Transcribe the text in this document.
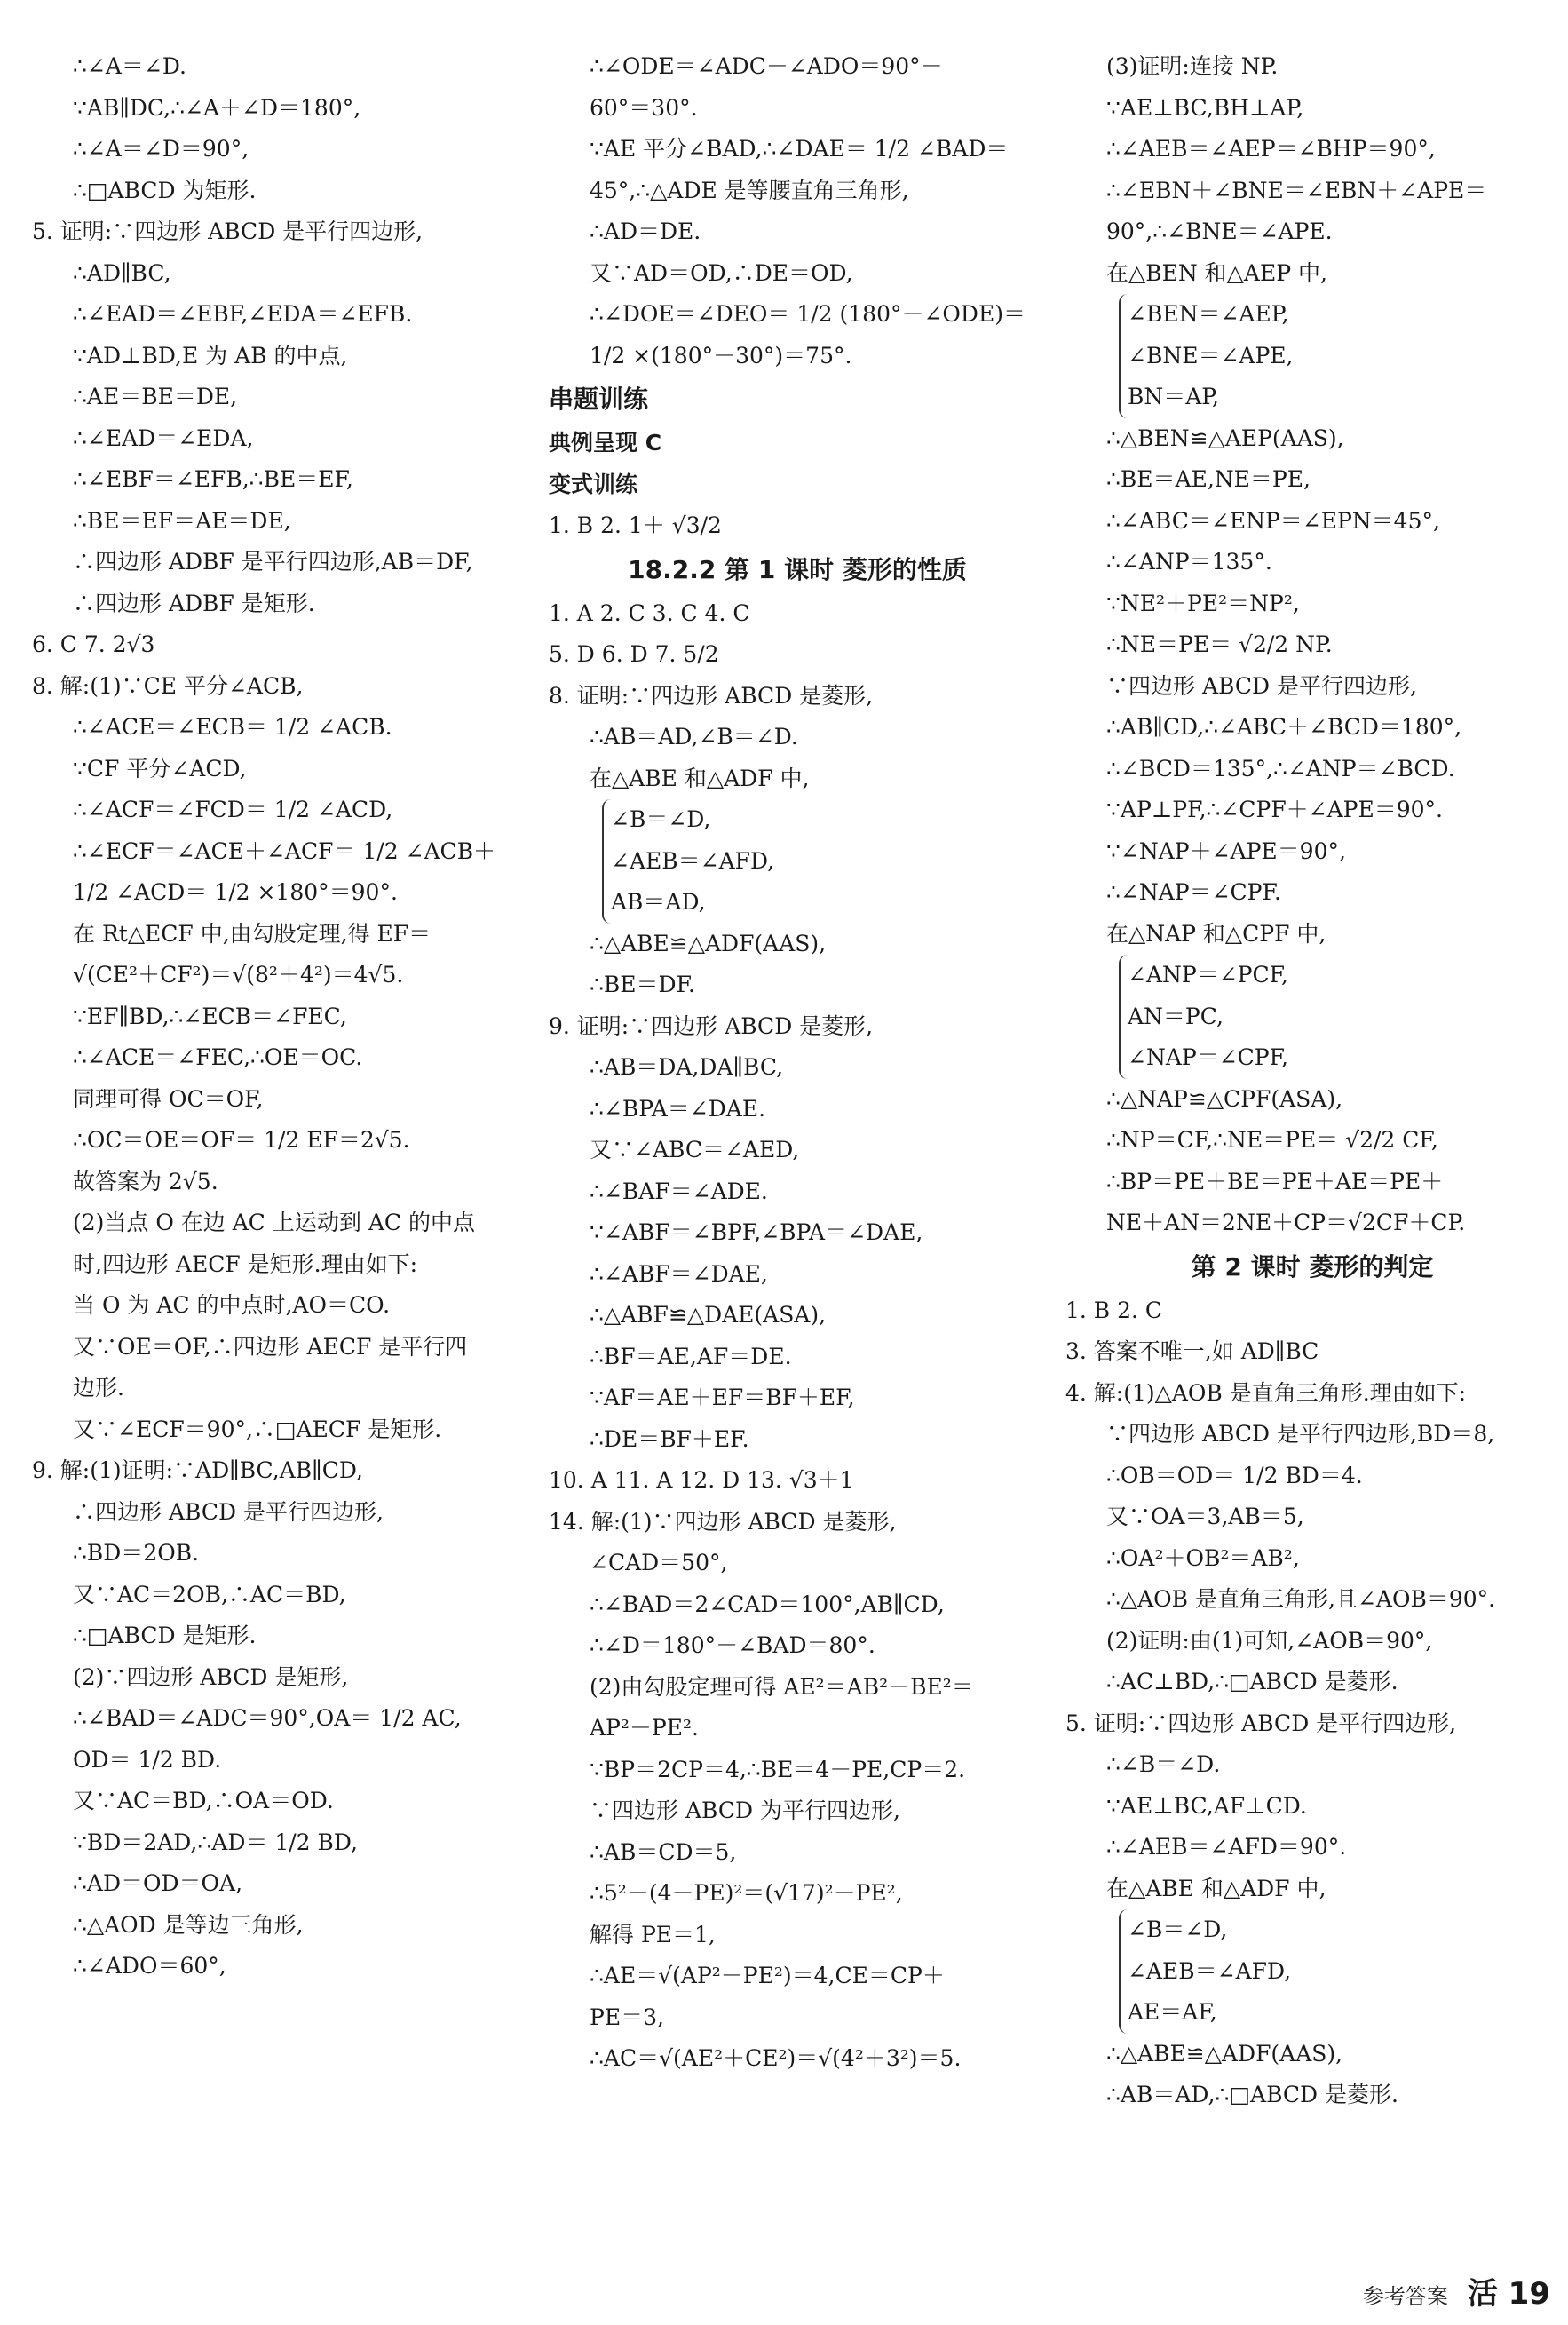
∴∠A＝∠D.
∵AB∥DC,∴∠A＋∠D＝180°,
∴∠A＝∠D＝90°,
∴□ABCD 为矩形.
5. 证明:∵四边形 ABCD 是平行四边形,
∴AD∥BC,
∴∠EAD＝∠EBF,∠EDA＝∠EFB.
∵AD⊥BD,E 为 AB 的中点,
∴AE＝BE＝DE,
∴∠EAD＝∠EDA,
∴∠EBF＝∠EFB,∴BE＝EF,
∴BE＝EF＝AE＝DE,
∴四边形 ADBF 是平行四边形,AB＝DF,
∴四边形 ADBF 是矩形.
6. C 7. 2√3
8. 解:(1)∵CE 平分∠ACB,
∴∠ACE＝∠ECB＝ 1/2 ∠ACB.
∵CF 平分∠ACD,
∴∠ACF＝∠FCD＝ 1/2 ∠ACD,
∴∠ECF＝∠ACE＋∠ACF＝ 1/2 ∠ACB＋
1/2 ∠ACD＝ 1/2 ×180°＝90°.
在 Rt△ECF 中,由勾股定理,得 EF＝
√(CE²＋CF²)＝√(8²＋4²)＝4√5.
∵EF∥BD,∴∠ECB＝∠FEC,
∴∠ACE＝∠FEC,∴OE＝OC.
同理可得 OC＝OF,
∴OC＝OE＝OF＝ 1/2 EF＝2√5.
故答案为 2√5.
(2)当点 O 在边 AC 上运动到 AC 的中点
时,四边形 AECF 是矩形.理由如下:
当 O 为 AC 的中点时,AO＝CO.
又∵OE＝OF,∴四边形 AECF 是平行四
边形.
又∵∠ECF＝90°,∴□AECF 是矩形.
9. 解:(1)证明:∵AD∥BC,AB∥CD,
∴四边形 ABCD 是平行四边形,
∴BD＝2OB.
又∵AC＝2OB,∴AC＝BD,
∴□ABCD 是矩形.
(2)∵四边形 ABCD 是矩形,
∴∠BAD＝∠ADC＝90°,OA＝ 1/2 AC,
OD＝ 1/2 BD.
又∵AC＝BD,∴OA＝OD.
∵BD＝2AD,∴AD＝ 1/2 BD,
∴AD＝OD＝OA,
∴△AOD 是等边三角形,
∴∠ADO＝60°,
∴∠ODE＝∠ADC－∠ADO＝90°－
60°＝30°.
∵AE 平分∠BAD,∴∠DAE＝ 1/2 ∠BAD＝
45°,∴△ADE 是等腰直角三角形,
∴AD＝DE.
又∵AD＝OD,∴DE＝OD,
∴∠DOE＝∠DEO＝ 1/2 (180°－∠ODE)＝
1/2 ×(180°－30°)＝75°.
串题训练
典例呈现 C
变式训练
1. B 2. 1＋ √3/2
18.2.2 第 1 课时 菱形的性质
1. A 2. C 3. C 4. C
5. D 6. D 7. 5/2
8. 证明:∵四边形 ABCD 是菱形,
∴AB＝AD,∠B＝∠D.
在△ABE 和△ADF 中,
∠B＝∠D,
∠AEB＝∠AFD,
AB＝AD,
∴△ABE≌△ADF(AAS),
∴BE＝DF.
9. 证明:∵四边形 ABCD 是菱形,
∴AB＝DA,DA∥BC,
∴∠BPA＝∠DAE.
又∵∠ABC＝∠AED,
∴∠BAF＝∠ADE.
∵∠ABF＝∠BPF,∠BPA＝∠DAE,
∴∠ABF＝∠DAE,
∴△ABF≌△DAE(ASA),
∴BF＝AE,AF＝DE.
∵AF＝AE＋EF＝BF＋EF,
∴DE＝BF＋EF.
10. A 11. A 12. D 13. √3＋1
14. 解:(1)∵四边形 ABCD 是菱形,
∠CAD＝50°,
∴∠BAD＝2∠CAD＝100°,AB∥CD,
∴∠D＝180°－∠BAD＝80°.
(2)由勾股定理可得 AE²＝AB²－BE²＝
AP²－PE².
∵BP＝2CP＝4,∴BE＝4－PE,CP＝2.
∵四边形 ABCD 为平行四边形,
∴AB＝CD＝5,
∴5²－(4－PE)²＝(√17)²－PE²,
解得 PE＝1,
∴AE＝√(AP²－PE²)＝4,CE＝CP＋
PE＝3,
∴AC＝√(AE²＋CE²)＝√(4²＋3²)＝5.
(3)证明:连接 NP.
∵AE⊥BC,BH⊥AP,
∴∠AEB＝∠AEP＝∠BHP＝90°,
∴∠EBN＋∠BNE＝∠EBN＋∠APE＝
90°,∴∠BNE＝∠APE.
在△BEN 和△AEP 中,
∠BEN＝∠AEP,
∠BNE＝∠APE,
BN＝AP,
∴△BEN≌△AEP(AAS),
∴BE＝AE,NE＝PE,
∴∠ABC＝∠ENP＝∠EPN＝45°,
∴∠ANP＝135°.
∵NE²＋PE²＝NP²,
∴NE＝PE＝ √2/2 NP.
∵四边形 ABCD 是平行四边形,
∴AB∥CD,∴∠ABC＋∠BCD＝180°,
∴∠BCD＝135°,∴∠ANP＝∠BCD.
∵AP⊥PF,∴∠CPF＋∠APE＝90°.
∵∠NAP＋∠APE＝90°,
∴∠NAP＝∠CPF.
在△NAP 和△CPF 中,
∠ANP＝∠PCF,
AN＝PC,
∠NAP＝∠CPF,
∴△NAP≌△CPF(ASA),
∴NP＝CF,∴NE＝PE＝ √2/2 CF,
∴BP＝PE＋BE＝PE＋AE＝PE＋
NE＋AN＝2NE＋CP＝√2CF＋CP.
第 2 课时 菱形的判定
1. B 2. C
3. 答案不唯一,如 AD∥BC
4. 解:(1)△AOB 是直角三角形.理由如下:
∵四边形 ABCD 是平行四边形,BD＝8,
∴OB＝OD＝ 1/2 BD＝4.
又∵OA＝3,AB＝5,
∴OA²＋OB²＝AB²,
∴△AOB 是直角三角形,且∠AOB＝90°.
(2)证明:由(1)可知,∠AOB＝90°,
∴AC⊥BD,∴□ABCD 是菱形.
5. 证明:∵四边形 ABCD 是平行四边形,
∴∠B＝∠D.
∵AE⊥BC,AF⊥CD.
∴∠AEB＝∠AFD＝90°.
在△ABE 和△ADF 中,
∠B＝∠D,
∠AEB＝∠AFD,
AE＝AF,
∴△ABE≌△ADF(AAS),
∴AB＝AD,∴□ABCD 是菱形.
参考答案 活 19
